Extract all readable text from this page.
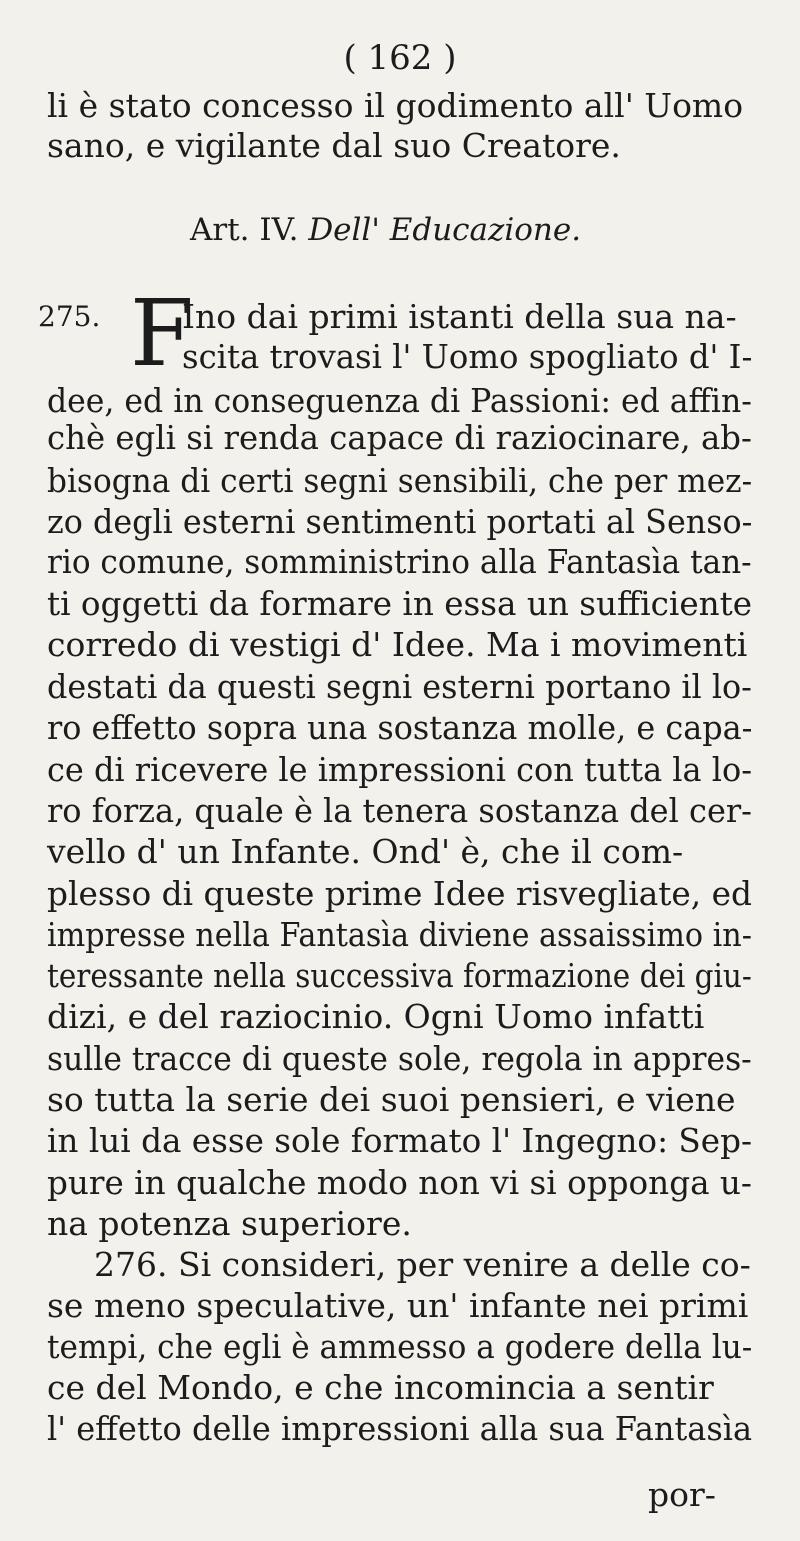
( 162 )
li è stato concesso il godimento all' Uomo
sano, e vigilante dal suo Creatore.
Art. IV. Dell' Educazione.
275. F
Ino dai primi istanti della sua na-
scita trovasi l' Uomo spogliato d' I-
dee, ed in conseguenza di Passioni: ed affin-
chè egli si renda capace di raziocinare, ab-
bisogna di certi segni sensibili, che per mez-
zo degli esterni sentimenti portati al Senso-
rio comune, somministrino alla Fantasìa tan-
ti oggetti da formare in essa un sufficiente
corredo di vestigi d' Idee. Ma i movimenti
destati da questi segni esterni portano il lo-
ro effetto sopra una sostanza molle, e capa-
ce di ricevere le impressioni con tutta la lo-
ro forza, quale è la tenera sostanza del cer-
vello d' un Infante. Ond' è, che il com-
plesso di queste prime Idee risvegliate, ed
impresse nella Fantasìa diviene assaissimo in-
teressante nella successiva formazione dei giu-
dizi, e del raziocinio. Ogni Uomo infatti
sulle tracce di queste sole, regola in appres-
so tutta la serie dei suoi pensieri, e viene
in lui da esse sole formato l' Ingegno: Sep-
pure in qualche modo non vi si opponga u-
na potenza superiore.
276. Si consideri, per venire a delle co-
se meno speculative, un' infante nei primi
tempi, che egli è ammesso a godere della lu-
ce del Mondo, e che incomincia a sentir
l' effetto delle impressioni alla sua Fantasìa
por-
